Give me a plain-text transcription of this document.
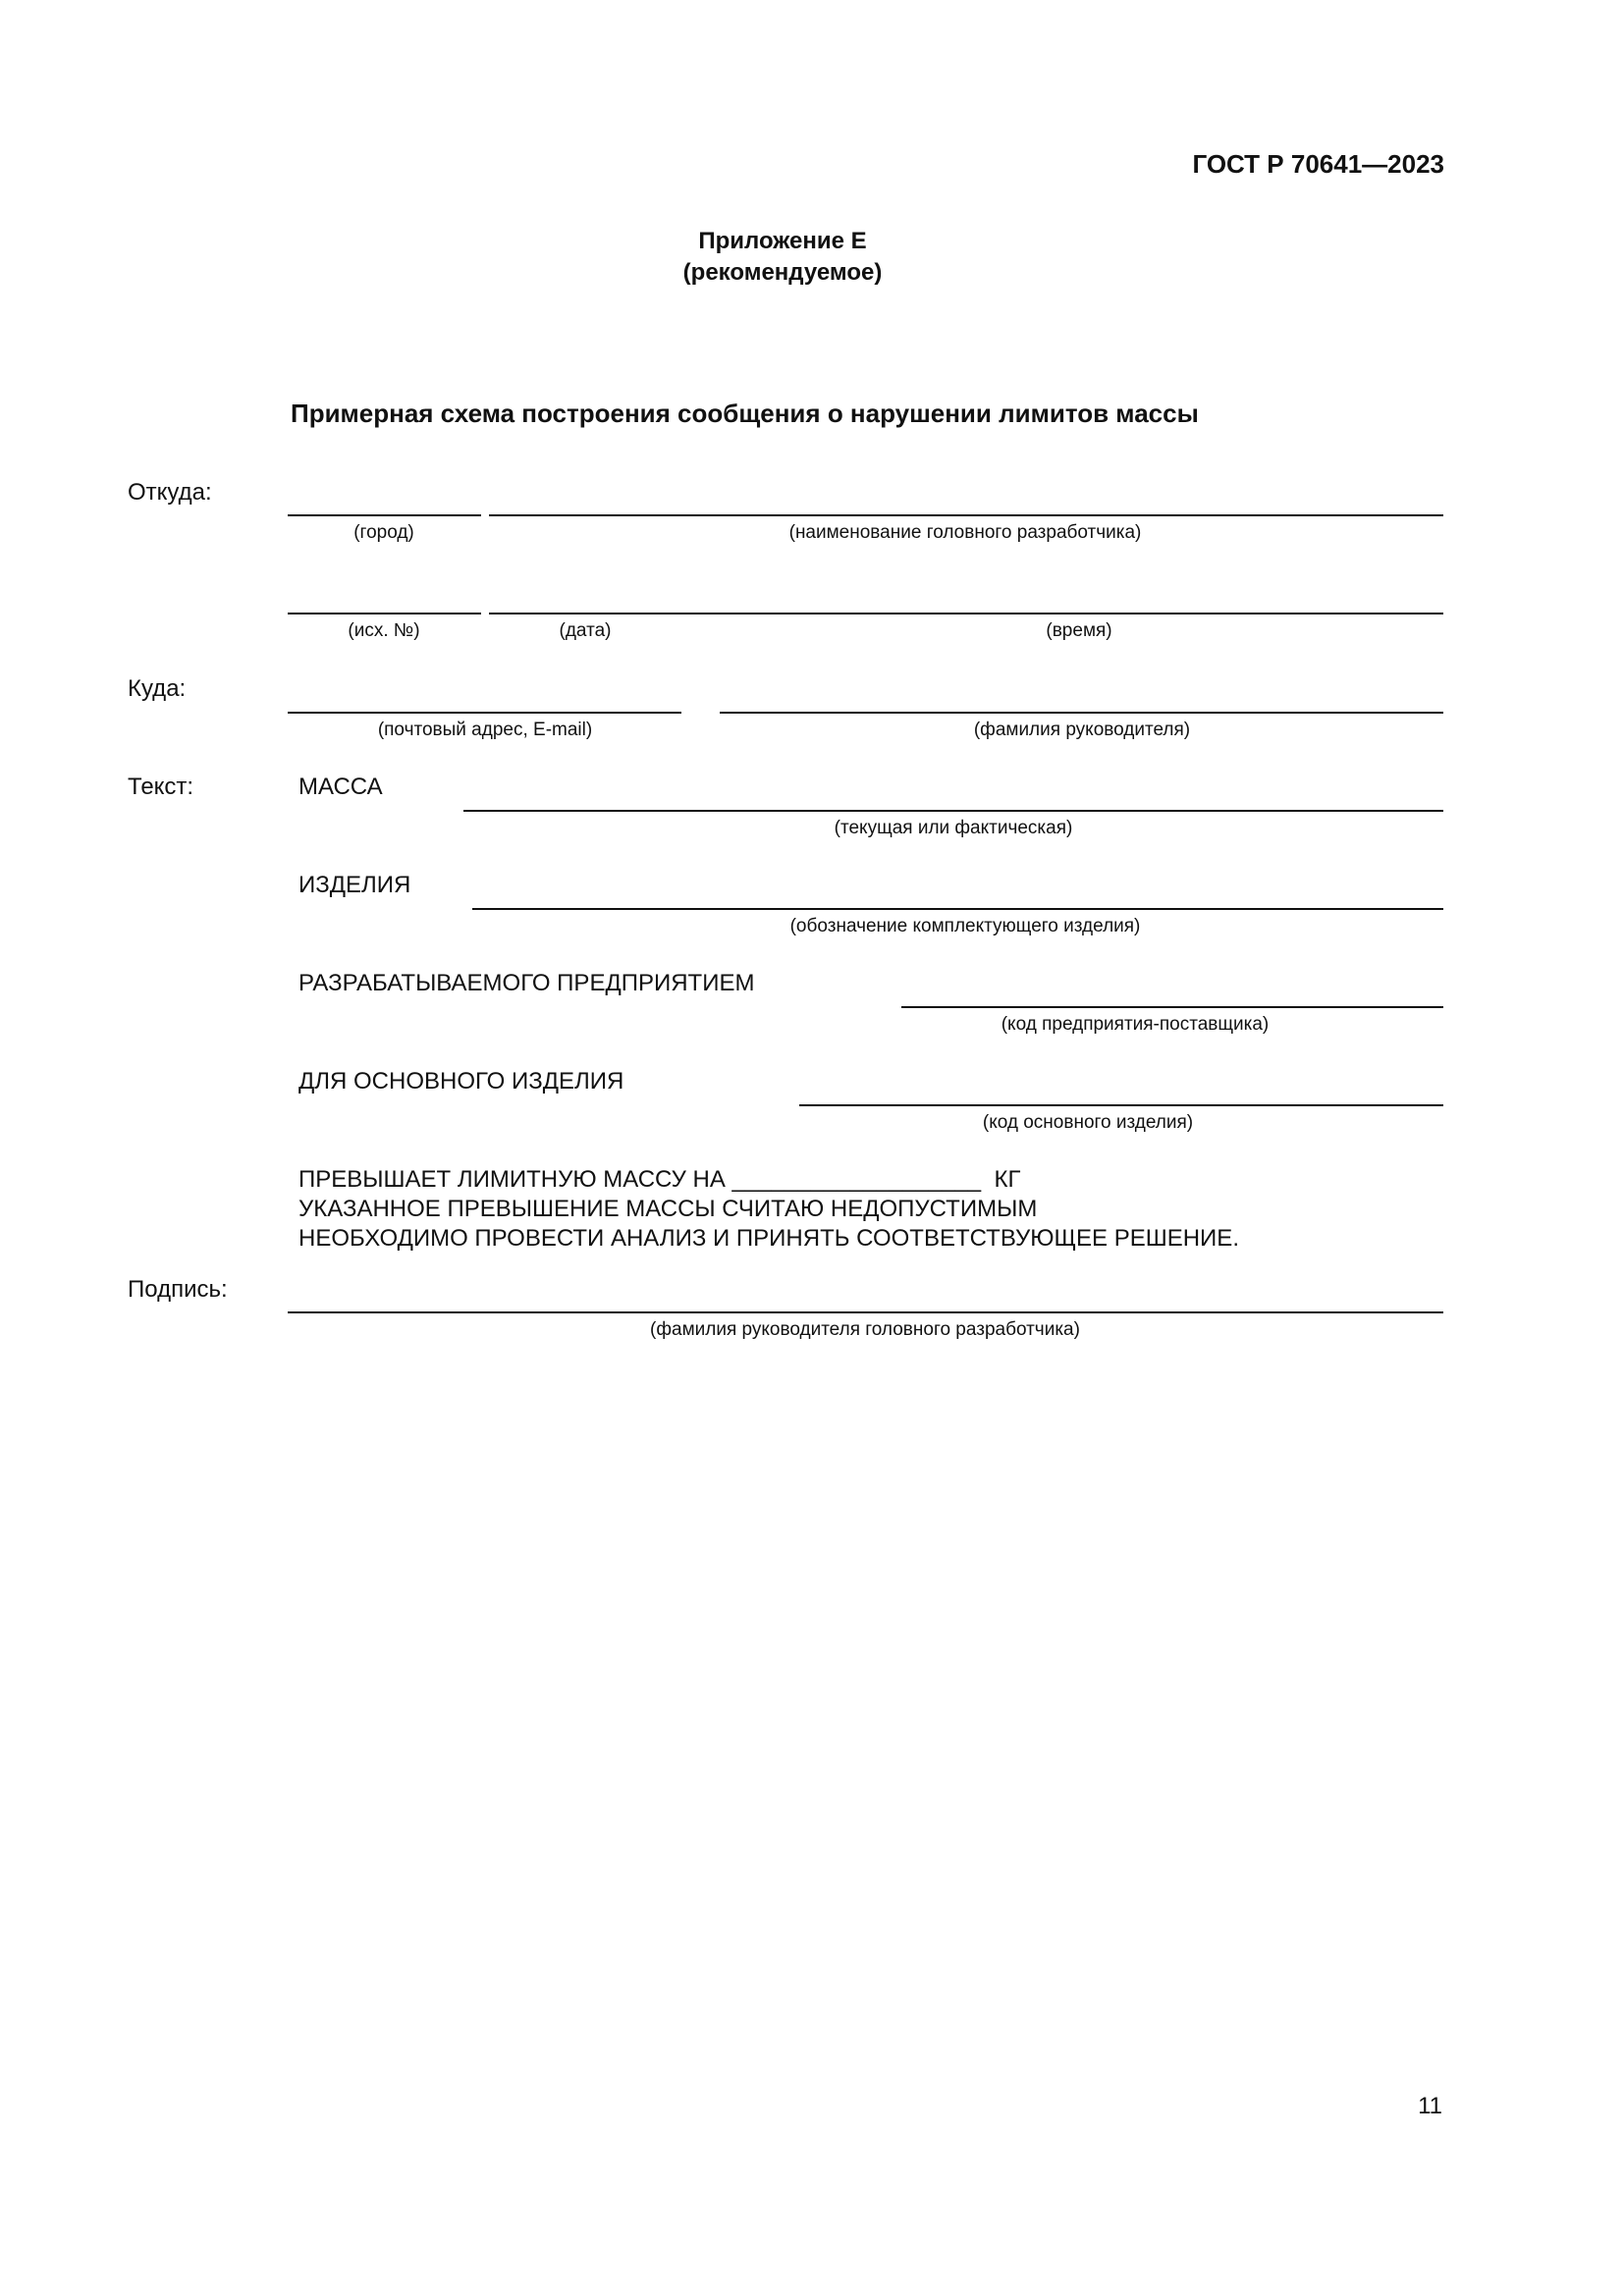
ГОСТ Р 70641—2023
Приложение Е
(рекомендуемое)
Примерная схема построения сообщения о нарушении лимитов массы
Откуда:
(город)	(наименование головного разработчика)
(исх. №)	(дата)	(время)
Куда:
(почтовый адрес, E-mail)	(фамилия руководителя)
Текст:	МАССА
(текущая или фактическая)
ИЗДЕЛИЯ
(обозначение комплектующего изделия)
РАЗРАБАТЫВАЕМОГО ПРЕДПРИЯТИЕМ
(код предприятия-поставщика)
ДЛЯ ОСНОВНОГО ИЗДЕЛИЯ
(код основного изделия)
ПРЕВЫШАЕТ ЛИМИТНУЮ МАССУ НА ___________________  КГ
УКАЗАННОЕ ПРЕВЫШЕНИЕ МАССЫ СЧИТАЮ НЕДОПУСТИМЫМ
НЕОБХОДИМО ПРОВЕСТИ АНАЛИЗ И ПРИНЯТЬ СООТВЕТСТВУЮЩЕЕ РЕШЕНИЕ.
Подпись:
(фамилия руководителя головного разработчика)
11
